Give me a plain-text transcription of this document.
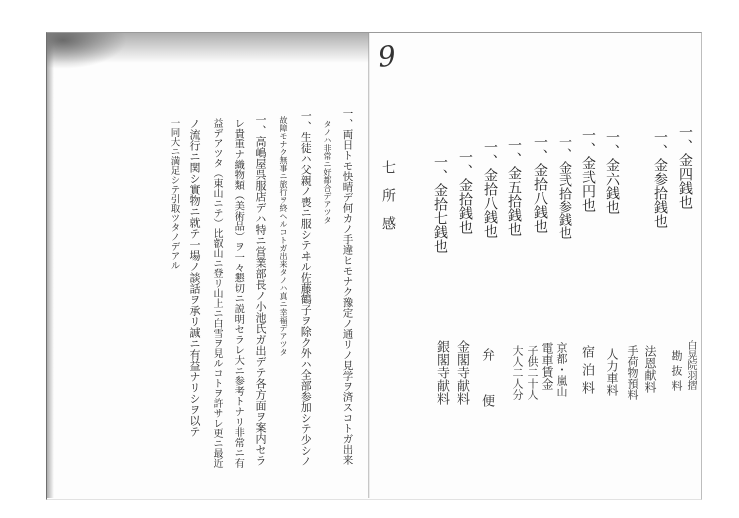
9
七所感
一、両日トモ快晴デ何カノ手違ヒモナク豫定ノ通リノ見学ヲ済スコトガ出来
タノハ非常ニ好都合デアツタ
一、生徒ハ父親ノ喪ニ服シテヰル佐藤鶴子ヲ除ク外ハ全部参加シテ少シノ
故障モナク無事ニ旅行ヲ終ヘルコトガ出来タノハ真ニ幸福デアツタ
一、高嶋屋呉服店デハ特ニ営業部長ノ小池氏ガ出デテ各方面ヲ案内セラ
レ貴重ナ織物類（美術品）ヲ一々懇切ニ説明セラレ大ニ参考トナリ非常ニ有
益デアツタ（東山ニテ）比叡山ニ登リ山上ニ白雪ヲ見ルコトヲ許サレ更ニ最近
ノ流行ニ関シ實物ニ就テ一場ノ談話ヲ承リ誠ニ有益ナリシヲ以テ
一同大ニ満足シテ引取ツタノデアル	一、金四銭也
一、金参拾銭也
一、金六銭也
一、金弐円也
一、金弐拾参銭也
一、金拾八銭也
一、金五拾銭也
一、金拾八銭也
一、金拾銭也
一、金拾七銭也
白晃院羽摺
勘抜料
法恩献料
手荷物預料
人力車料
宿泊料
京都・嵐山
電車賃金
子供二十人
大人二人分
弁　便
金閣寺献料
銀閣寺献料
